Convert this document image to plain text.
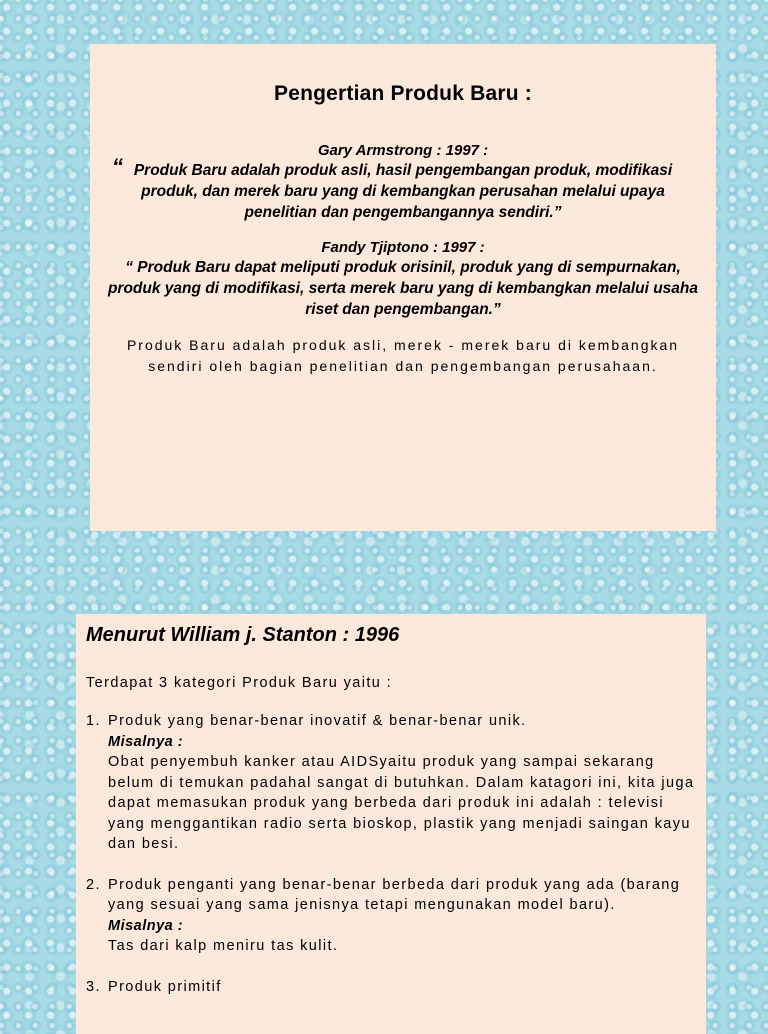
Pengertian Produk Baru :

Gary Armstrong : 1997 :

“ Produk Baru adalah produk asli, hasil pengembangan produk, modifikasi produk, dan merek baru yang di kembangkan perusahan melalui upaya penelitian dan pengembangannya sendiri.”

Fandy Tjiptono : 1997 :

“ Produk Baru dapat meliputi produk orisinil, produk yang di sempurnakan, produk yang di modifikasi, serta merek baru yang di kembangkan melalui usaha riset dan pengembangan.”

Produk Baru adalah produk asli, merek - merek baru di kembangkan sendiri oleh bagian penelitian dan pengembangan perusahaan.

Menurut William j. Stanton : 1996

Terdapat 3 kategori Produk Baru yaitu :

1. Produk yang benar-benar inovatif & benar-benar unik.

Misalnya :

Obat penyembuh kanker atau AIDSyaitu produk yang sampai sekarang belum di temukan padahal sangat di butuhkan. Dalam katagori ini, kita juga dapat memasukan produk yang berbeda dari produk ini adalah : televisi yang menggantikan radio serta bioskop, plastik yang menjadi saingan kayu dan besi.

2. Produk penganti yang benar-benar berbeda dari produk yang ada (barang yang sesuai yang sama jenisnya tetapi mengunakan model baru).

Misalnya :

Tas dari kalp meniru tas kulit.

3. Produk primitif
